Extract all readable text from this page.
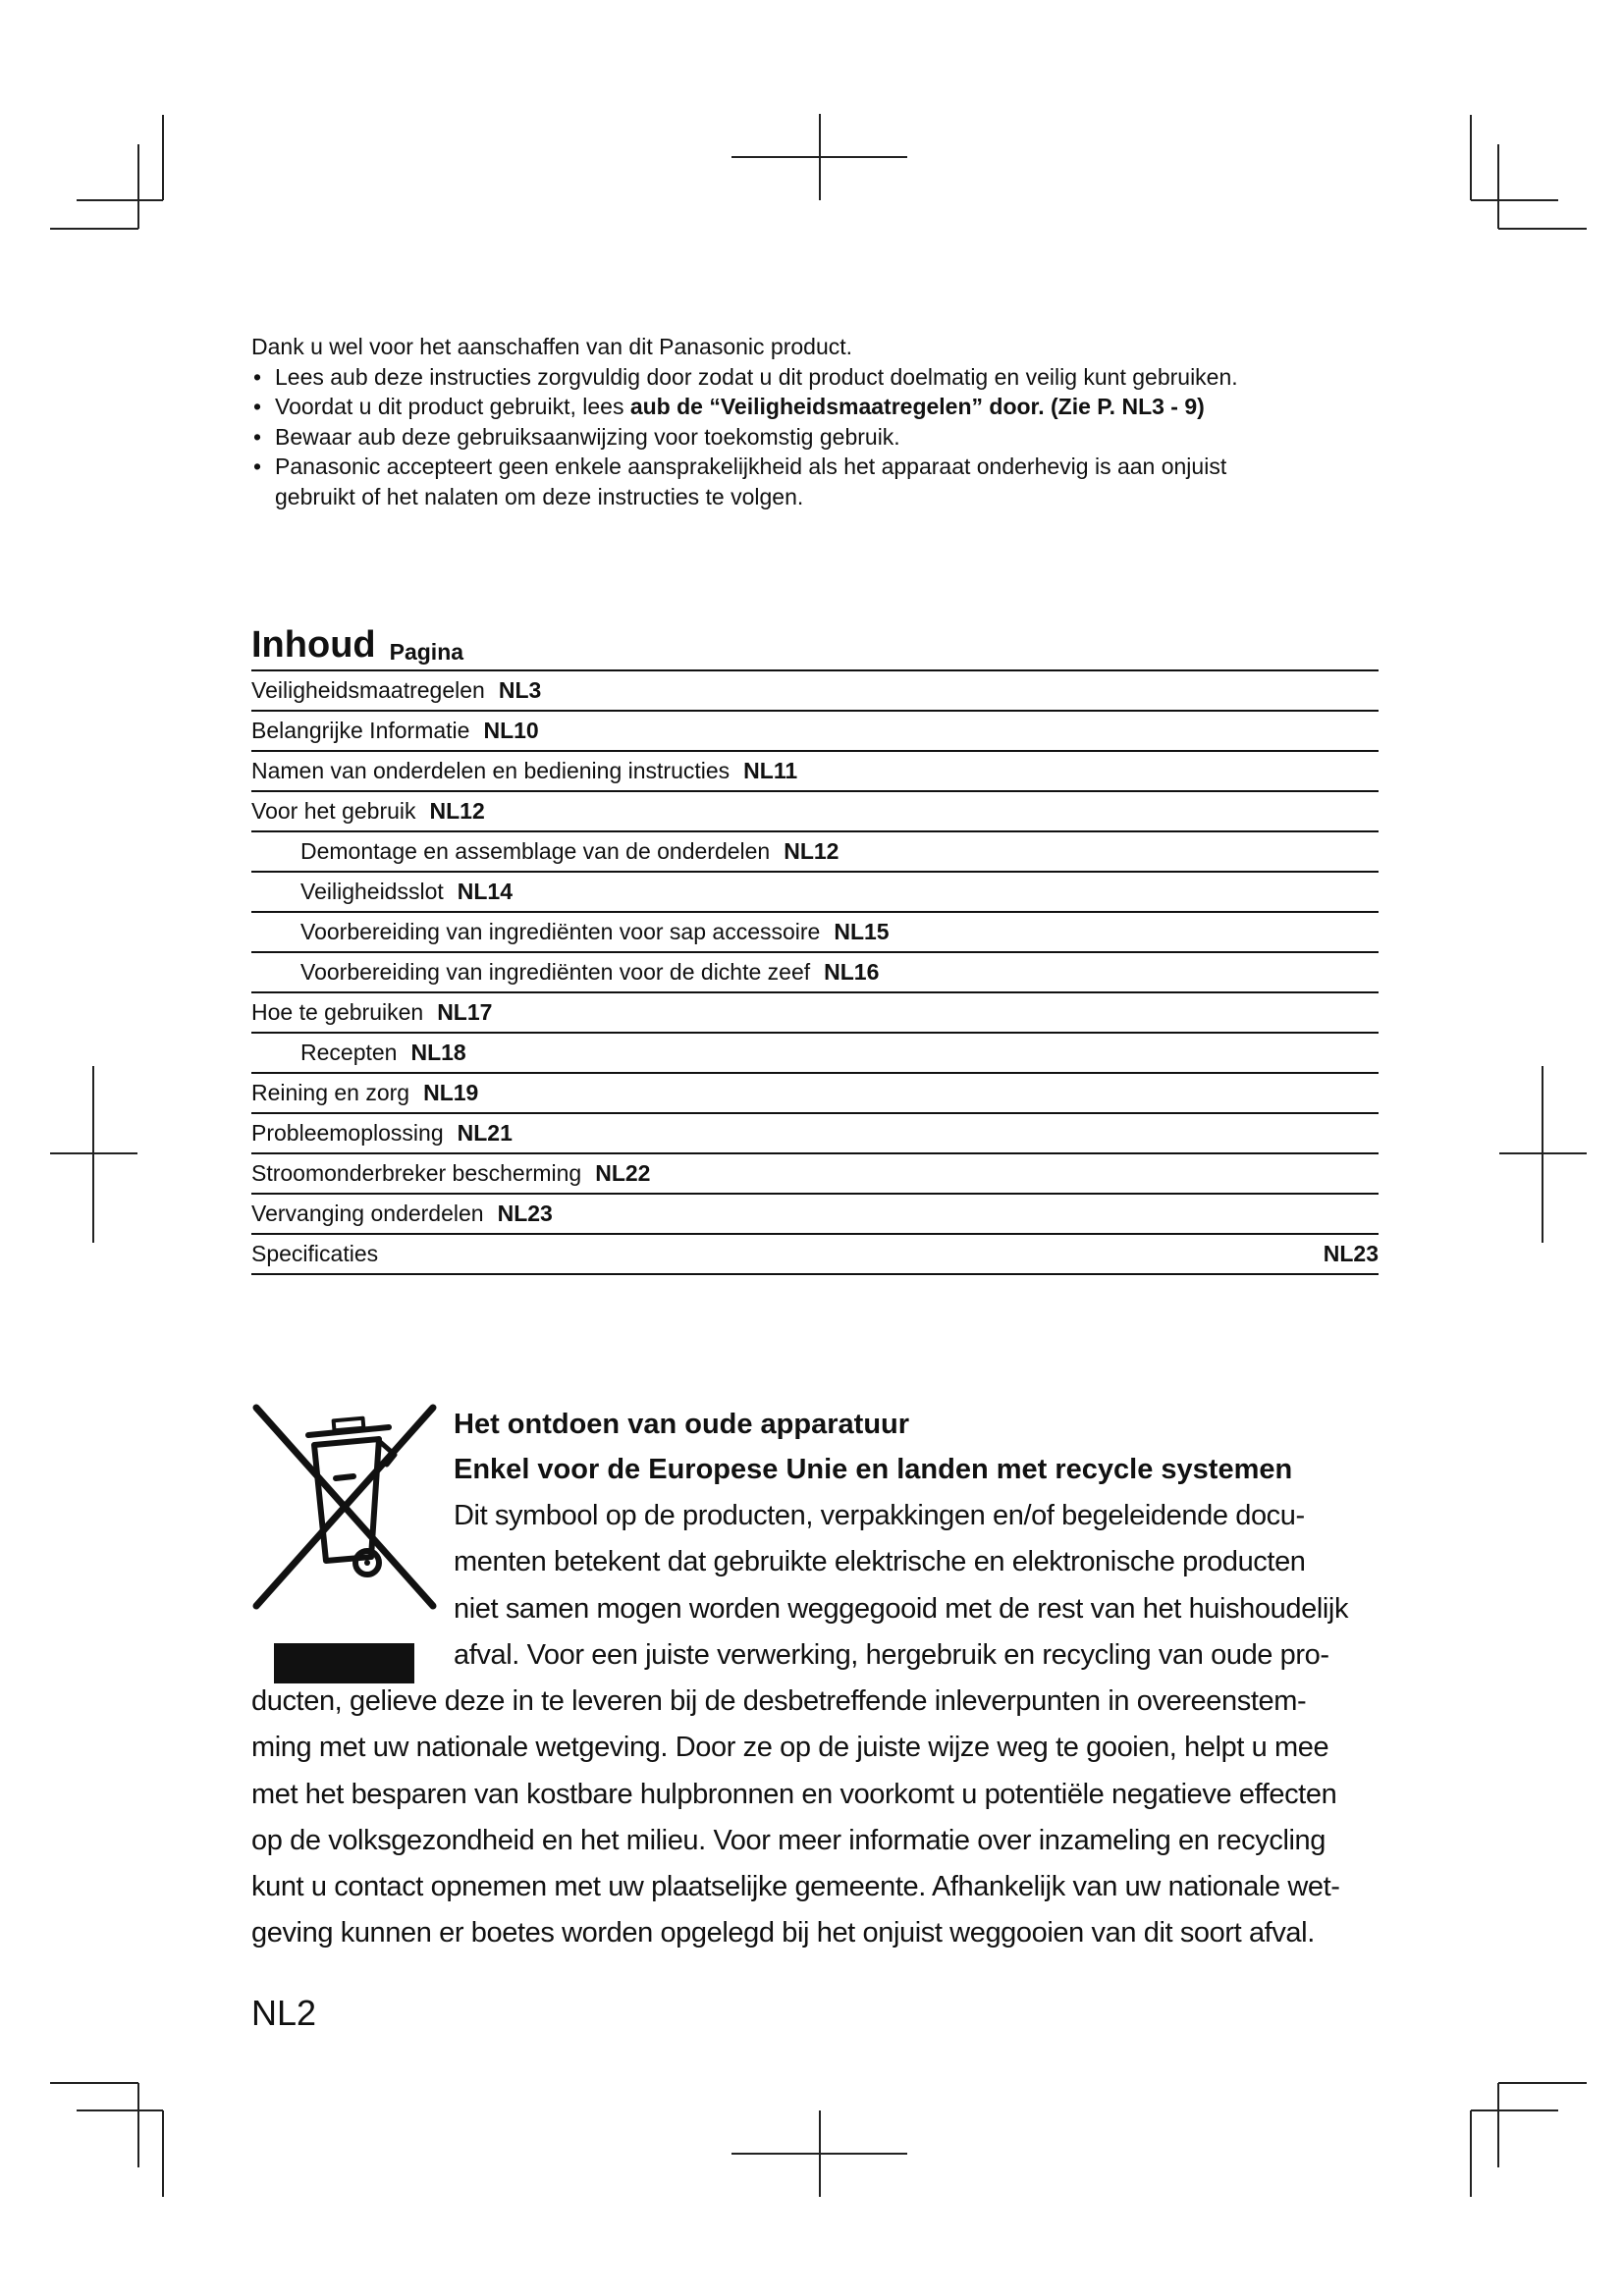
Dank u wel voor het aanschaffen van dit Panasonic product.

• Lees aub deze instructies zorgvuldig door zodat u dit product doelmatig en veilig kunt gebruiken.
• Voordat u dit product gebruikt, lees aub de “Veiligheidsmaatregelen” door. (Zie P. NL3 - 9)
• Bewaar aub deze gebruiksaanwijzing voor toekomstig gebruik.
• Panasonic accepteert geen enkele aansprakelijkheid als het apparaat onderhevig is aan onjuist
gebruikt of het nalaten om deze instructies te volgen.
Inhoud Pagina
Veiligheidsmaatregelen NL3
Belangrijke Informatie NL10
Namen van onderdelen en bediening instructies NL11
Voor het gebruik NL12
Demontage en assemblage van de onderdelen NL12
Veiligheidsslot NL14
Voorbereiding van ingrediënten voor sap accessoire NL15
Voorbereiding van ingrediënten voor de dichte zeef NL16
Hoe te gebruiken NL17
Recepten NL18
Reining en zorg NL19
Probleemoplossing NL21
Stroomonderbreker bescherming NL22
Vervanging onderdelen NL23
Specificaties	NL23
Het ontdoen van oude apparatuur
Enkel voor de Europese Unie en landen met recycle systemen
Dit symbool op de producten, verpakkingen en/of begeleidende docu-
menten betekent dat gebruikte elektrische en elektronische producten
niet samen mogen worden weggegooid met de rest van het huishoudelijk
afval. Voor een juiste verwerking, hergebruik en recycling van oude pro-
ducten, gelieve deze in te leveren bij de desbetreffende inleverpunten in overeenstem-
ming met uw nationale wetgeving. Door ze op de juiste wijze weg te gooien, helpt u mee
met het besparen van kostbare hulpbronnen en voorkomt u potentiële negatieve effecten
op de volksgezondheid en het milieu. Voor meer informatie over inzameling en recycling
kunt u contact opnemen met uw plaatselijke gemeente. Afhankelijk van uw nationale wet-
geving kunnen er boetes worden opgelegd bij het onjuist weggooien van dit soort afval.
NL2
